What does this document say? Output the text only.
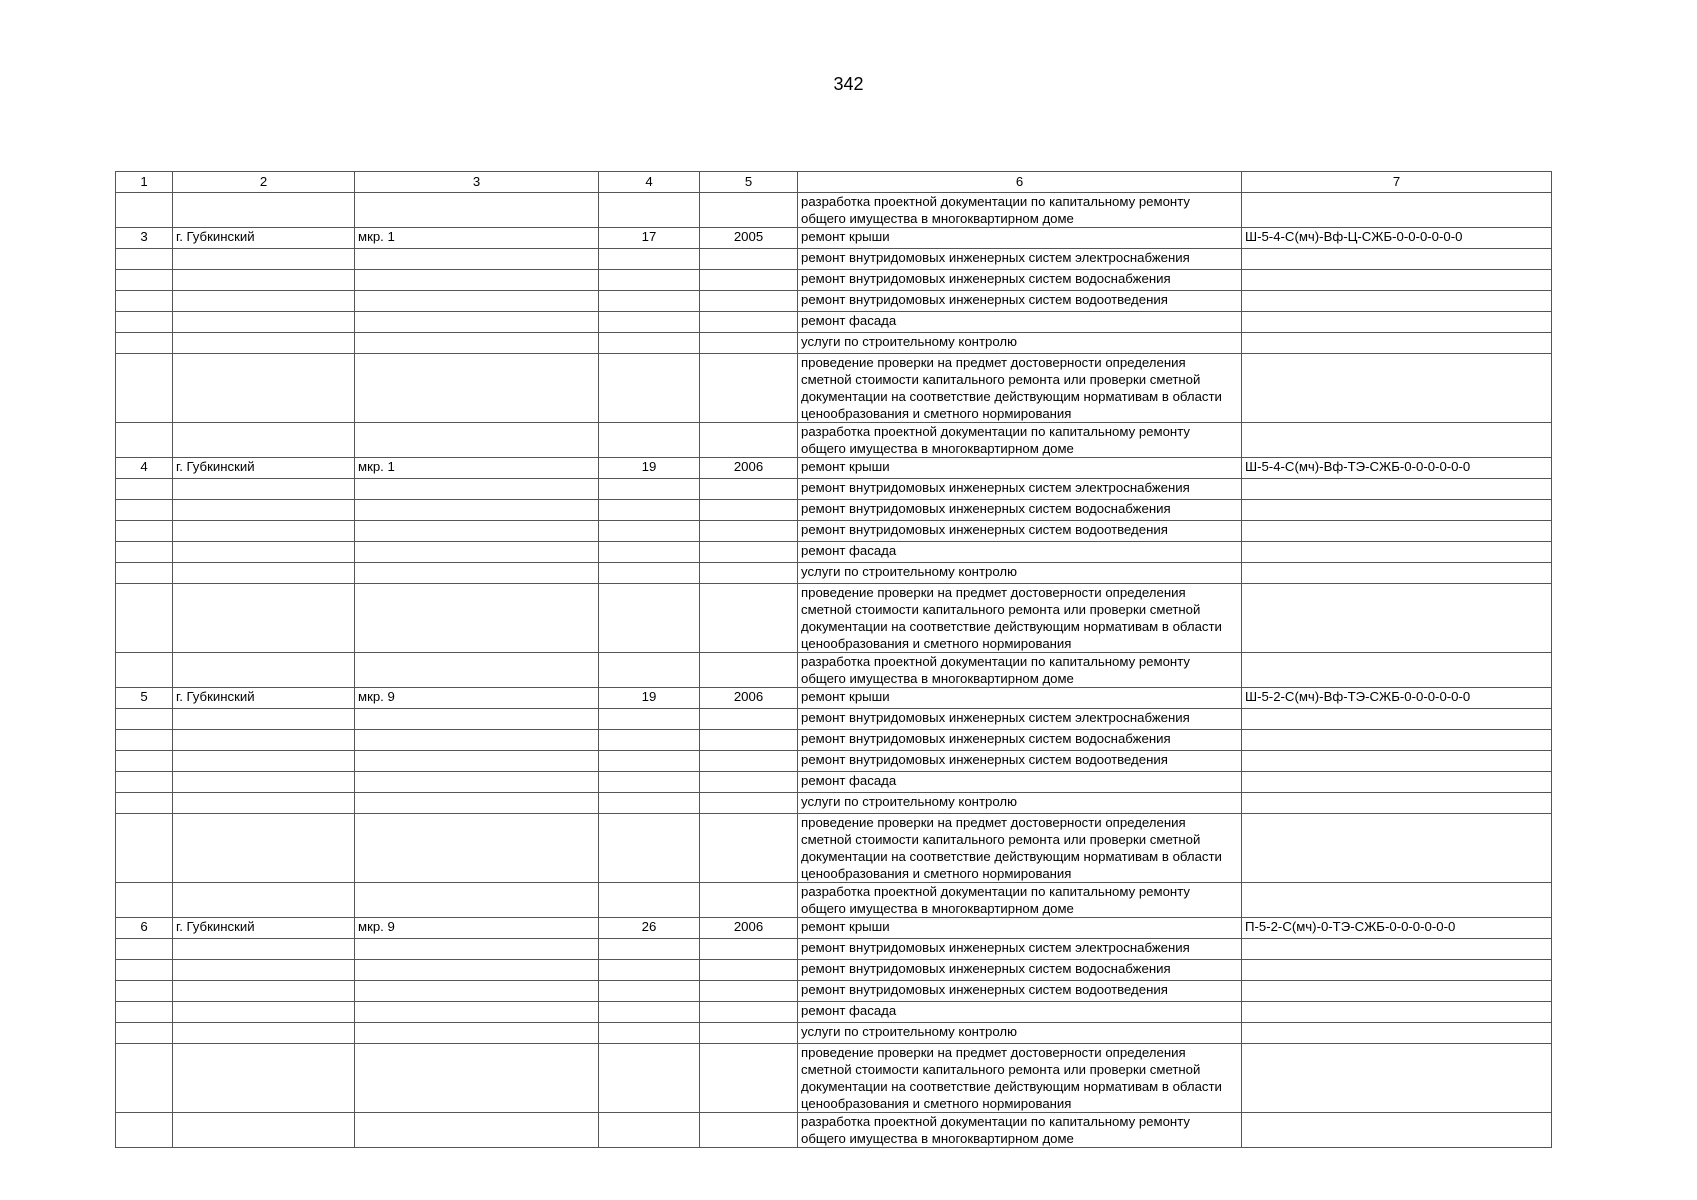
342
1	2	3	4	5	6	7
					разработка проектной документации по капитальному ремонту общего имущества в многоквартирном доме	
3	г. Губкинский	мкр. 1	17	2005	ремонт крыши	Ш-5-4-С(мч)-Вф-Ц-СЖБ-0-0-0-0-0-0
					ремонт внутридомовых инженерных систем электроснабжения	
					ремонт внутридомовых инженерных систем водоснабжения	
					ремонт внутридомовых инженерных систем водоотведения	
					ремонт фасада	
					услуги по строительному контролю	
					проведение проверки на предмет достоверности определения сметной стоимости капитального ремонта или проверки сметной документации на соответствие действующим нормативам в области ценообразования и сметного нормирования	
					разработка проектной документации по капитальному ремонту общего имущества в многоквартирном доме	
4	г. Губкинский	мкр. 1	19	2006	ремонт крыши	Ш-5-4-С(мч)-Вф-ТЭ-СЖБ-0-0-0-0-0-0
					ремонт внутридомовых инженерных систем электроснабжения	
					ремонт внутридомовых инженерных систем водоснабжения	
					ремонт внутридомовых инженерных систем водоотведения	
					ремонт фасада	
					услуги по строительному контролю	
					проведение проверки на предмет достоверности определения сметной стоимости капитального ремонта или проверки сметной документации на соответствие действующим нормативам в области ценообразования и сметного нормирования	
					разработка проектной документации по капитальному ремонту общего имущества в многоквартирном доме	
5	г. Губкинский	мкр. 9	19	2006	ремонт крыши	Ш-5-2-С(мч)-Вф-ТЭ-СЖБ-0-0-0-0-0-0
					ремонт внутридомовых инженерных систем электроснабжения	
					ремонт внутридомовых инженерных систем водоснабжения	
					ремонт внутридомовых инженерных систем водоотведения	
					ремонт фасада	
					услуги по строительному контролю	
					проведение проверки на предмет достоверности определения сметной стоимости капитального ремонта или проверки сметной документации на соответствие действующим нормативам в области ценообразования и сметного нормирования	
					разработка проектной документации по капитальному ремонту общего имущества в многоквартирном доме	
6	г. Губкинский	мкр. 9	26	2006	ремонт крыши	П-5-2-С(мч)-0-ТЭ-СЖБ-0-0-0-0-0-0
					ремонт внутридомовых инженерных систем электроснабжения	
					ремонт внутридомовых инженерных систем водоснабжения	
					ремонт внутридомовых инженерных систем водоотведения	
					ремонт фасада	
					услуги по строительному контролю	
					проведение проверки на предмет достоверности определения сметной стоимости капитального ремонта или проверки сметной документации на соответствие действующим нормативам в области ценообразования и сметного нормирования	
					разработка проектной документации по капитальному ремонту общего имущества в многоквартирном доме	
